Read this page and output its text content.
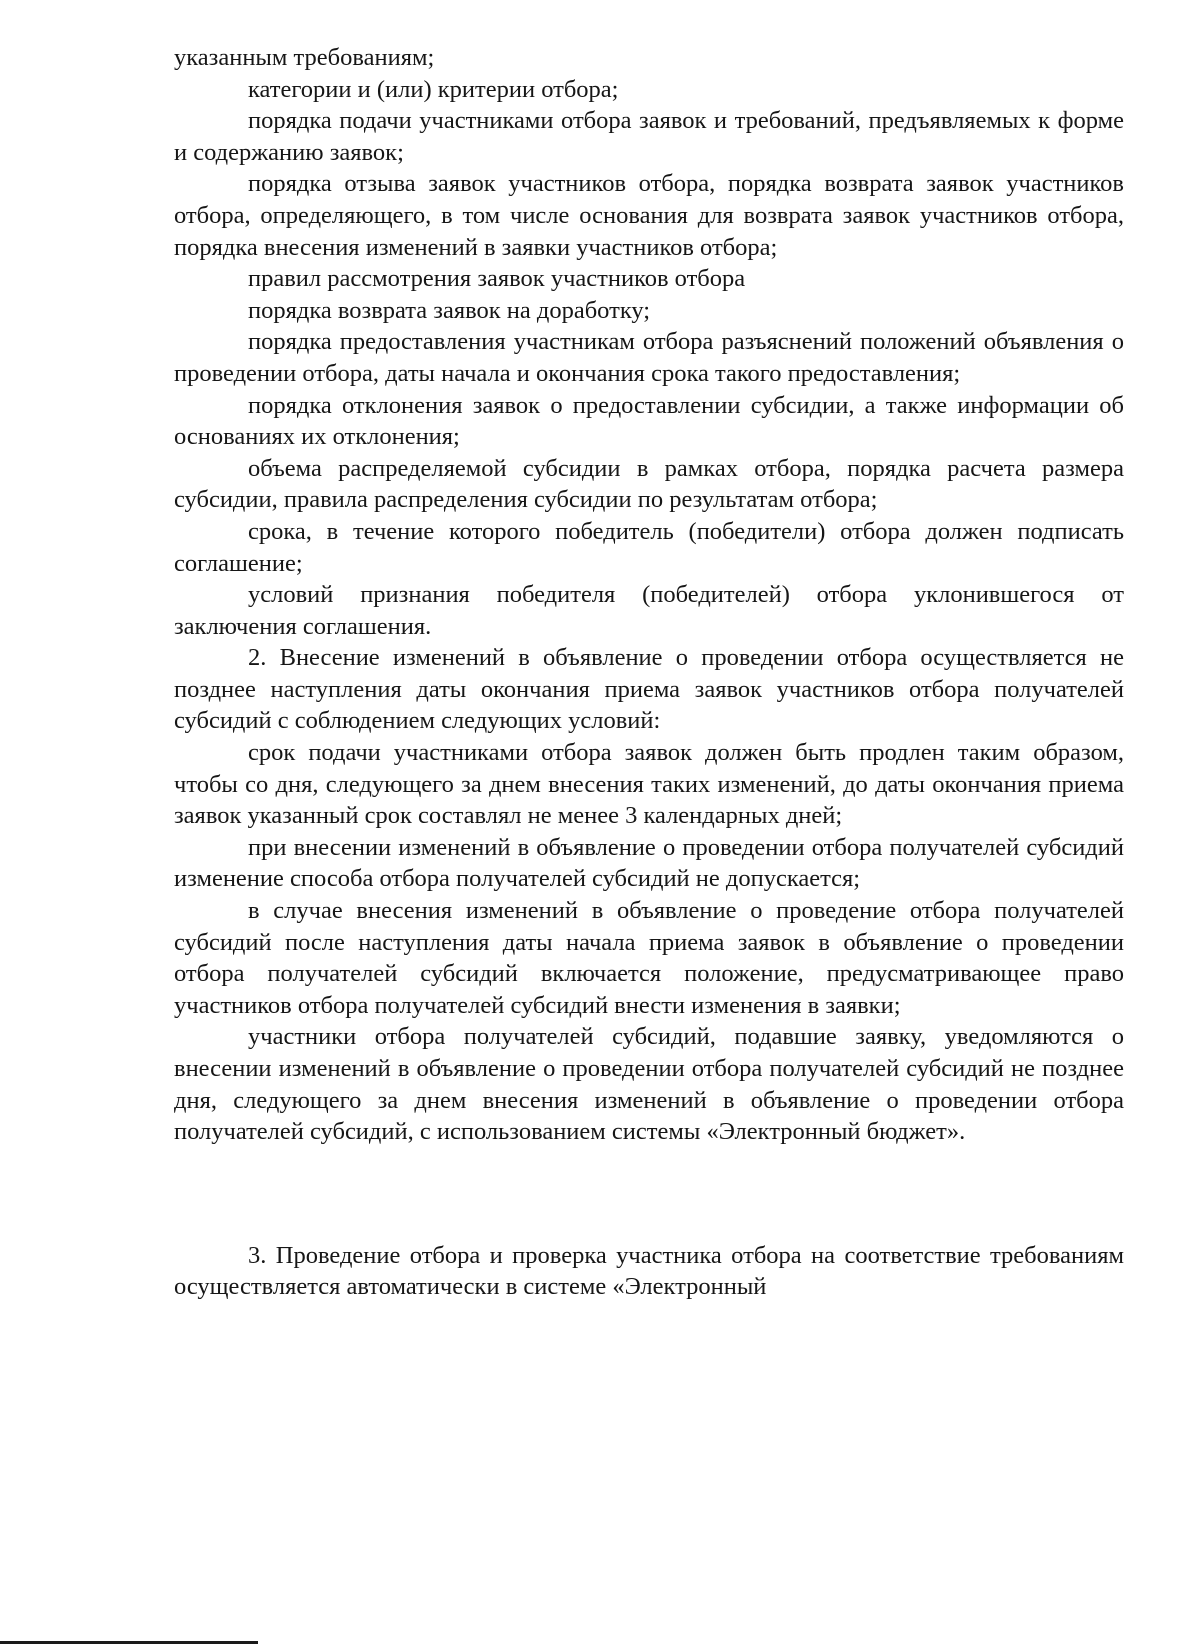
указанным требованиям;

категории и (или) критерии отбора;

порядка подачи участниками отбора заявок и требований, предъявляемых к форме и содержанию заявок;

порядка отзыва заявок участников отбора, порядка возврата заявок участников отбора, определяющего, в том числе основания для возврата заявок участников отбора, порядка внесения изменений в заявки участников отбора;

правил рассмотрения заявок участников отбора

порядка возврата заявок на доработку;

порядка предоставления участникам отбора разъяснений положений объявления о проведении отбора, даты начала и окончания срока такого предоставления;

порядка отклонения заявок о предоставлении субсидии, а также информации об основаниях их отклонения;

объема распределяемой субсидии в рамках отбора, порядка расчета размера субсидии, правила распределения субсидии по результатам отбора;

срока, в течение которого победитель (победители) отбора должен подписать соглашение;

условий признания победителя (победителей) отбора уклонившегося от заключения соглашения.

2. Внесение изменений в объявление о проведении отбора осуществляется не позднее наступления даты окончания приема заявок участников отбора получателей субсидий с соблюдением следующих условий:

срок подачи участниками отбора заявок должен быть продлен таким образом, чтобы со дня, следующего за днем внесения таких изменений, до даты окончания приема заявок указанный срок составлял не менее 3 календарных дней;

при внесении изменений в объявление о проведении отбора получателей субсидий изменение способа отбора получателей субсидий не допускается;

в случае внесения изменений в объявление о проведение отбора получателей субсидий после наступления даты начала приема заявок в объявление о проведении отбора получателей субсидий включается положение, предусматривающее право участников отбора получателей субсидий внести изменения в заявки;

участники отбора получателей субсидий, подавшие заявку, уведомляются о внесении изменений в объявление о проведении отбора получателей субсидий не позднее дня, следующего за днем внесения изменений в объявление о проведении отбора получателей субсидий, с использованием системы «Электронный бюджет».

3. Проведение отбора и проверка участника отбора на соответствие требованиям осуществляется автоматически в системе «Электронный
